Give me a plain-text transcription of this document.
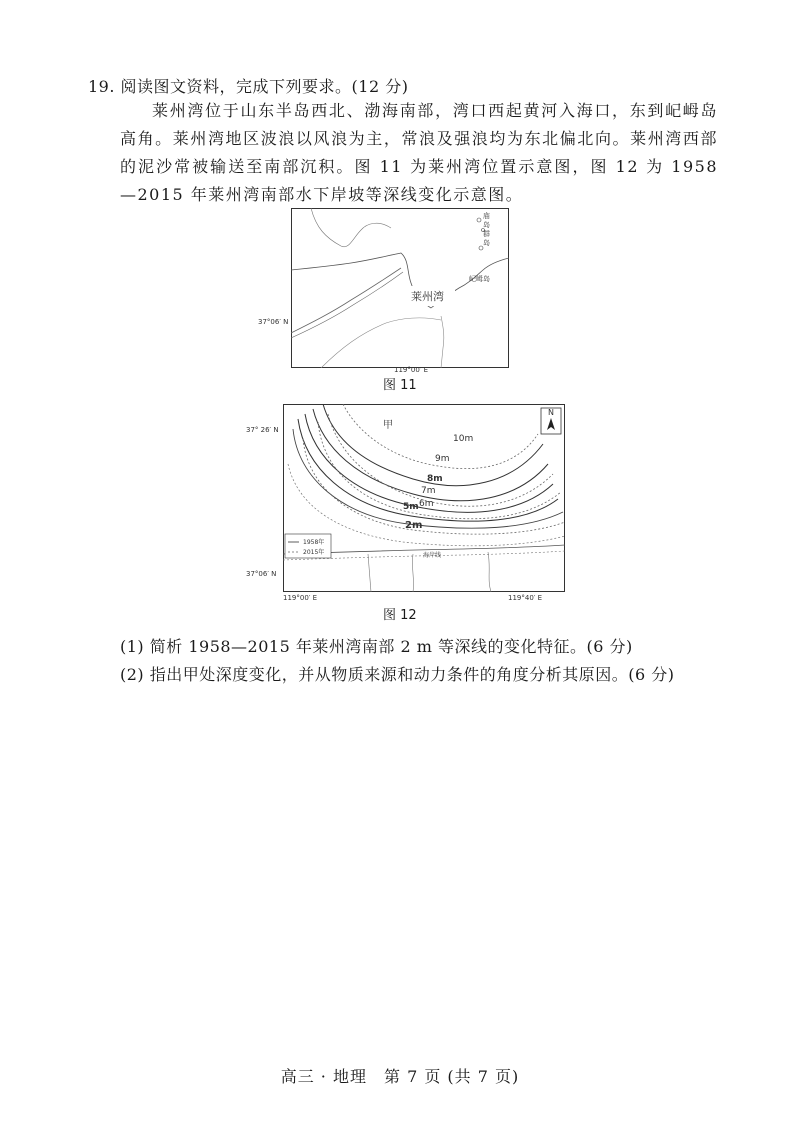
19. 阅读图文资料，完成下列要求。(12 分)
莱州湾位于山东半岛西北、渤海南部，湾口西起黄河入海口，东到屺㟂岛高角。莱州湾地区波浪以风浪为主，常浪及强浪均为东北偏北向。莱州湾西部的泥沙常被输送至南部沉积。图 11 为莱州湾位置示意图，图 12 为 1958—2015 年莱州湾南部水下岸坡等深线变化示意图。
莱州湾
屺㟂岛
庙岛群岛
37°06′ N
119°00′ E
图 11
N
甲
10m
9m
8m
7m
6m
5m
2m
1958年
2015年	海岸线
37° 26′ N
37°06′ N
119°00′ E	119°40′ E
图 12
(1) 简析 1958—2015 年莱州湾南部 2 m 等深线的变化特征。(6 分)
(2) 指出甲处深度变化，并从物质来源和动力条件的角度分析其原因。(6 分)
高三 · 地理　第 7 页 (共 7 页)
